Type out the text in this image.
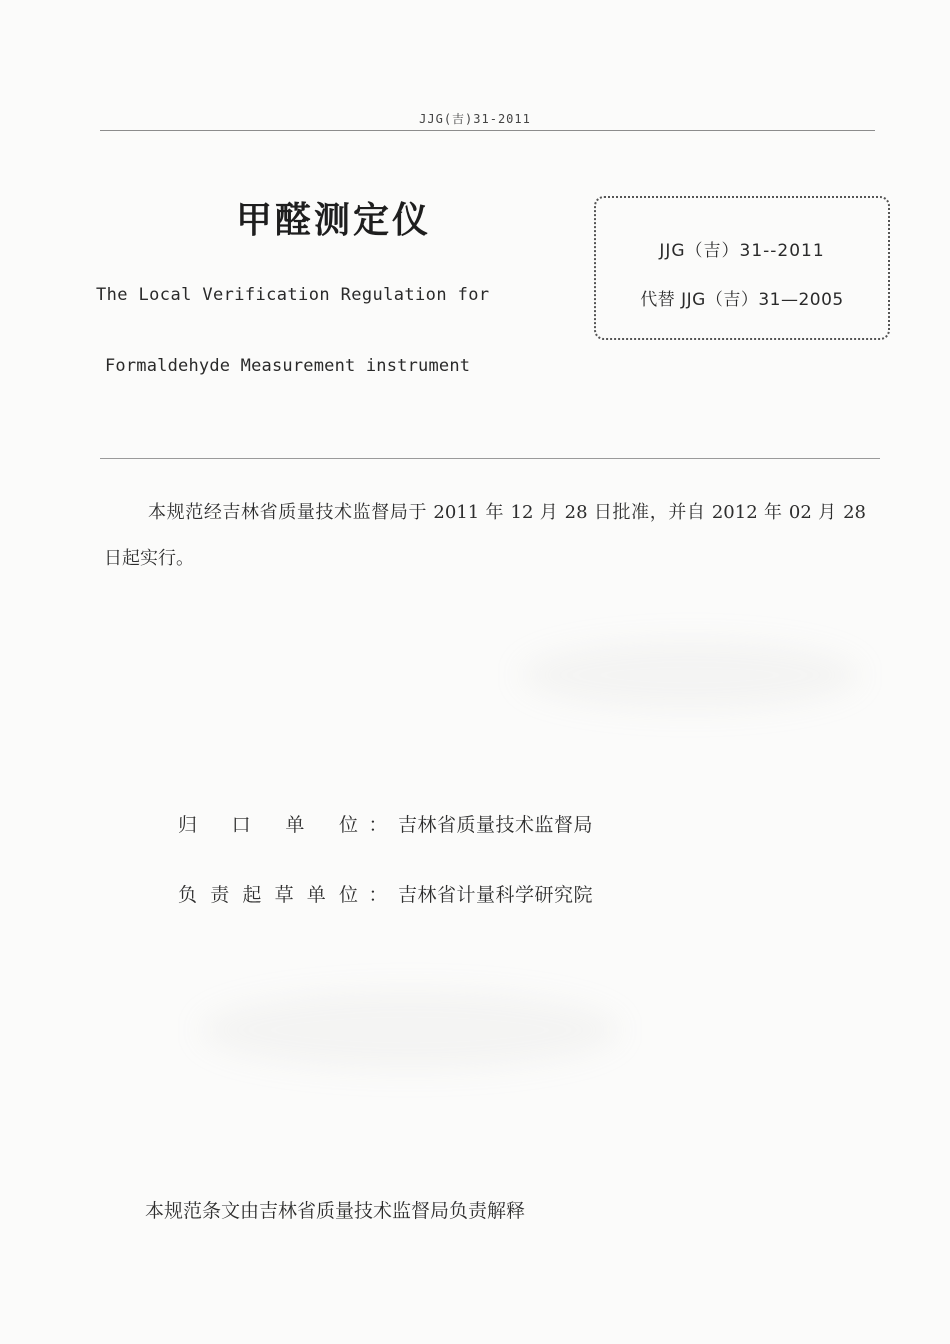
JJG(吉)31-2011
甲醛测定仪
The Local Verification Regulation for
Formaldehyde Measurement instrument
JJG（吉）31--2011
代替 JJG（吉）31—2005
本规范经吉林省质量技术监督局于 2011 年 12 月 28 日批准，并自 2012 年 02 月 28 日起实行。
归口单位 ： 吉林省质量技术监督局
负责起草单位 ： 吉林省计量科学研究院
本规范条文由吉林省质量技术监督局负责解释
